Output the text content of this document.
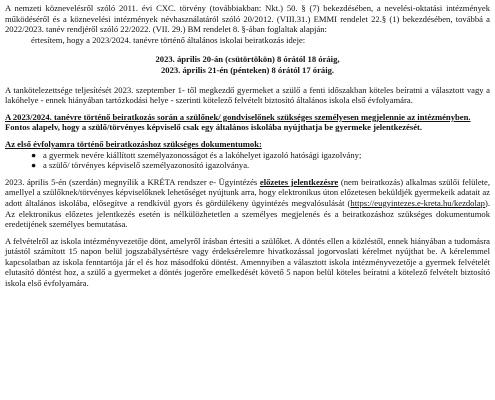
A nemzeti köznevelésről szóló 2011. évi CXC. törvény (továbbiakban: Nkt.) 50. § (7) bekezdésében, a nevelési-oktatási intézmények működéséről és a köznevelési intézmények névhasználatáról szóló 20/2012. (VIII.31.) EMMI rendelet 22.§ (1) bekezdésében, továbbá a 2022/2023. tanév rendjéről szóló 22/2022. (VII. 29.) BM rendelet 8. §-ában foglaltak alapján:

értesítem, hogy a 2023/2024. tanévre történő általános iskolai beiratkozás ideje:

2023. április 20-án (csütörtökön) 8 órától 18 óráig,

2023. április 21-én (pénteken) 8 órától 17 óráig.

A tankötelezettsége teljesítését 2023. szeptember 1- től megkezdő gyermeket a szülő a fenti időszakban köteles beíratni a választott vagy a lakóhelye - ennek hiányában tartózkodási helye - szerinti kötelező felvételt biztosító általános iskola első évfolyamára.

A 2023/2024. tanévre történő beiratkozás során a szülőnek/ gondviselőnek szükséges személyesen megjelennie az intézményben.

Fontos alapelv, hogy a szülő/törvényes képviselő csak egy általános iskolába nyújthatja be gyermeke jelentkezését.

Az első évfolyamra történő beiratkozáshoz szükséges dokumentumok:

● a gyermek nevére kiállított személyazonosságot és a lakóhelyet igazoló hatósági igazolvány;
● a szülő/ törvényes képviselő személyazonosító igazolványa.

2023. április 5-én (szerdán) megnyílik a KRÉTA rendszer e- Ügyintézés előzetes jelentkezésre (nem beiratkozás) alkalmas szülői felülete, amellyel a szülőknek/törvényes képviselőknek lehetőséget nyújtunk arra, hogy elektronikus úton előzetesen beküldjék gyermekeik adatait az adott általános iskolába, elősegítve a rendkívül gyors és gördülékeny ügyintézés megvalósulását (https://eugyintezes.e-kreta.hu/kezdolap). Az elektronikus előzetes jelentkezés esetén is nélkülözhetetlen a személyes megjelenés és a beiratkozáshoz szükséges dokumentumok eredetijének személyes bemutatása.

A felvételről az iskola intézményvezetője dönt, amelyről írásban értesíti a szülőket. A döntés ellen a közléstől, ennek hiányában a tudomásra jutástól számított 15 napon belül jogszabálysértésre vagy érdeksérelemre hivatkozással jogorvoslati kérelmet nyújthat be. A kérelemmel kapcsolatban az iskola fenntartója jár el és hoz másodfokú döntést. Amennyiben a választott iskola intézményvezetője a gyermek felvételét elutasító döntést hoz, a szülő a gyermeket a döntés jogerőre emelkedését követő 5 napon belül köteles beíratni a kötelező felvételt biztosító iskola első évfolyamára.
